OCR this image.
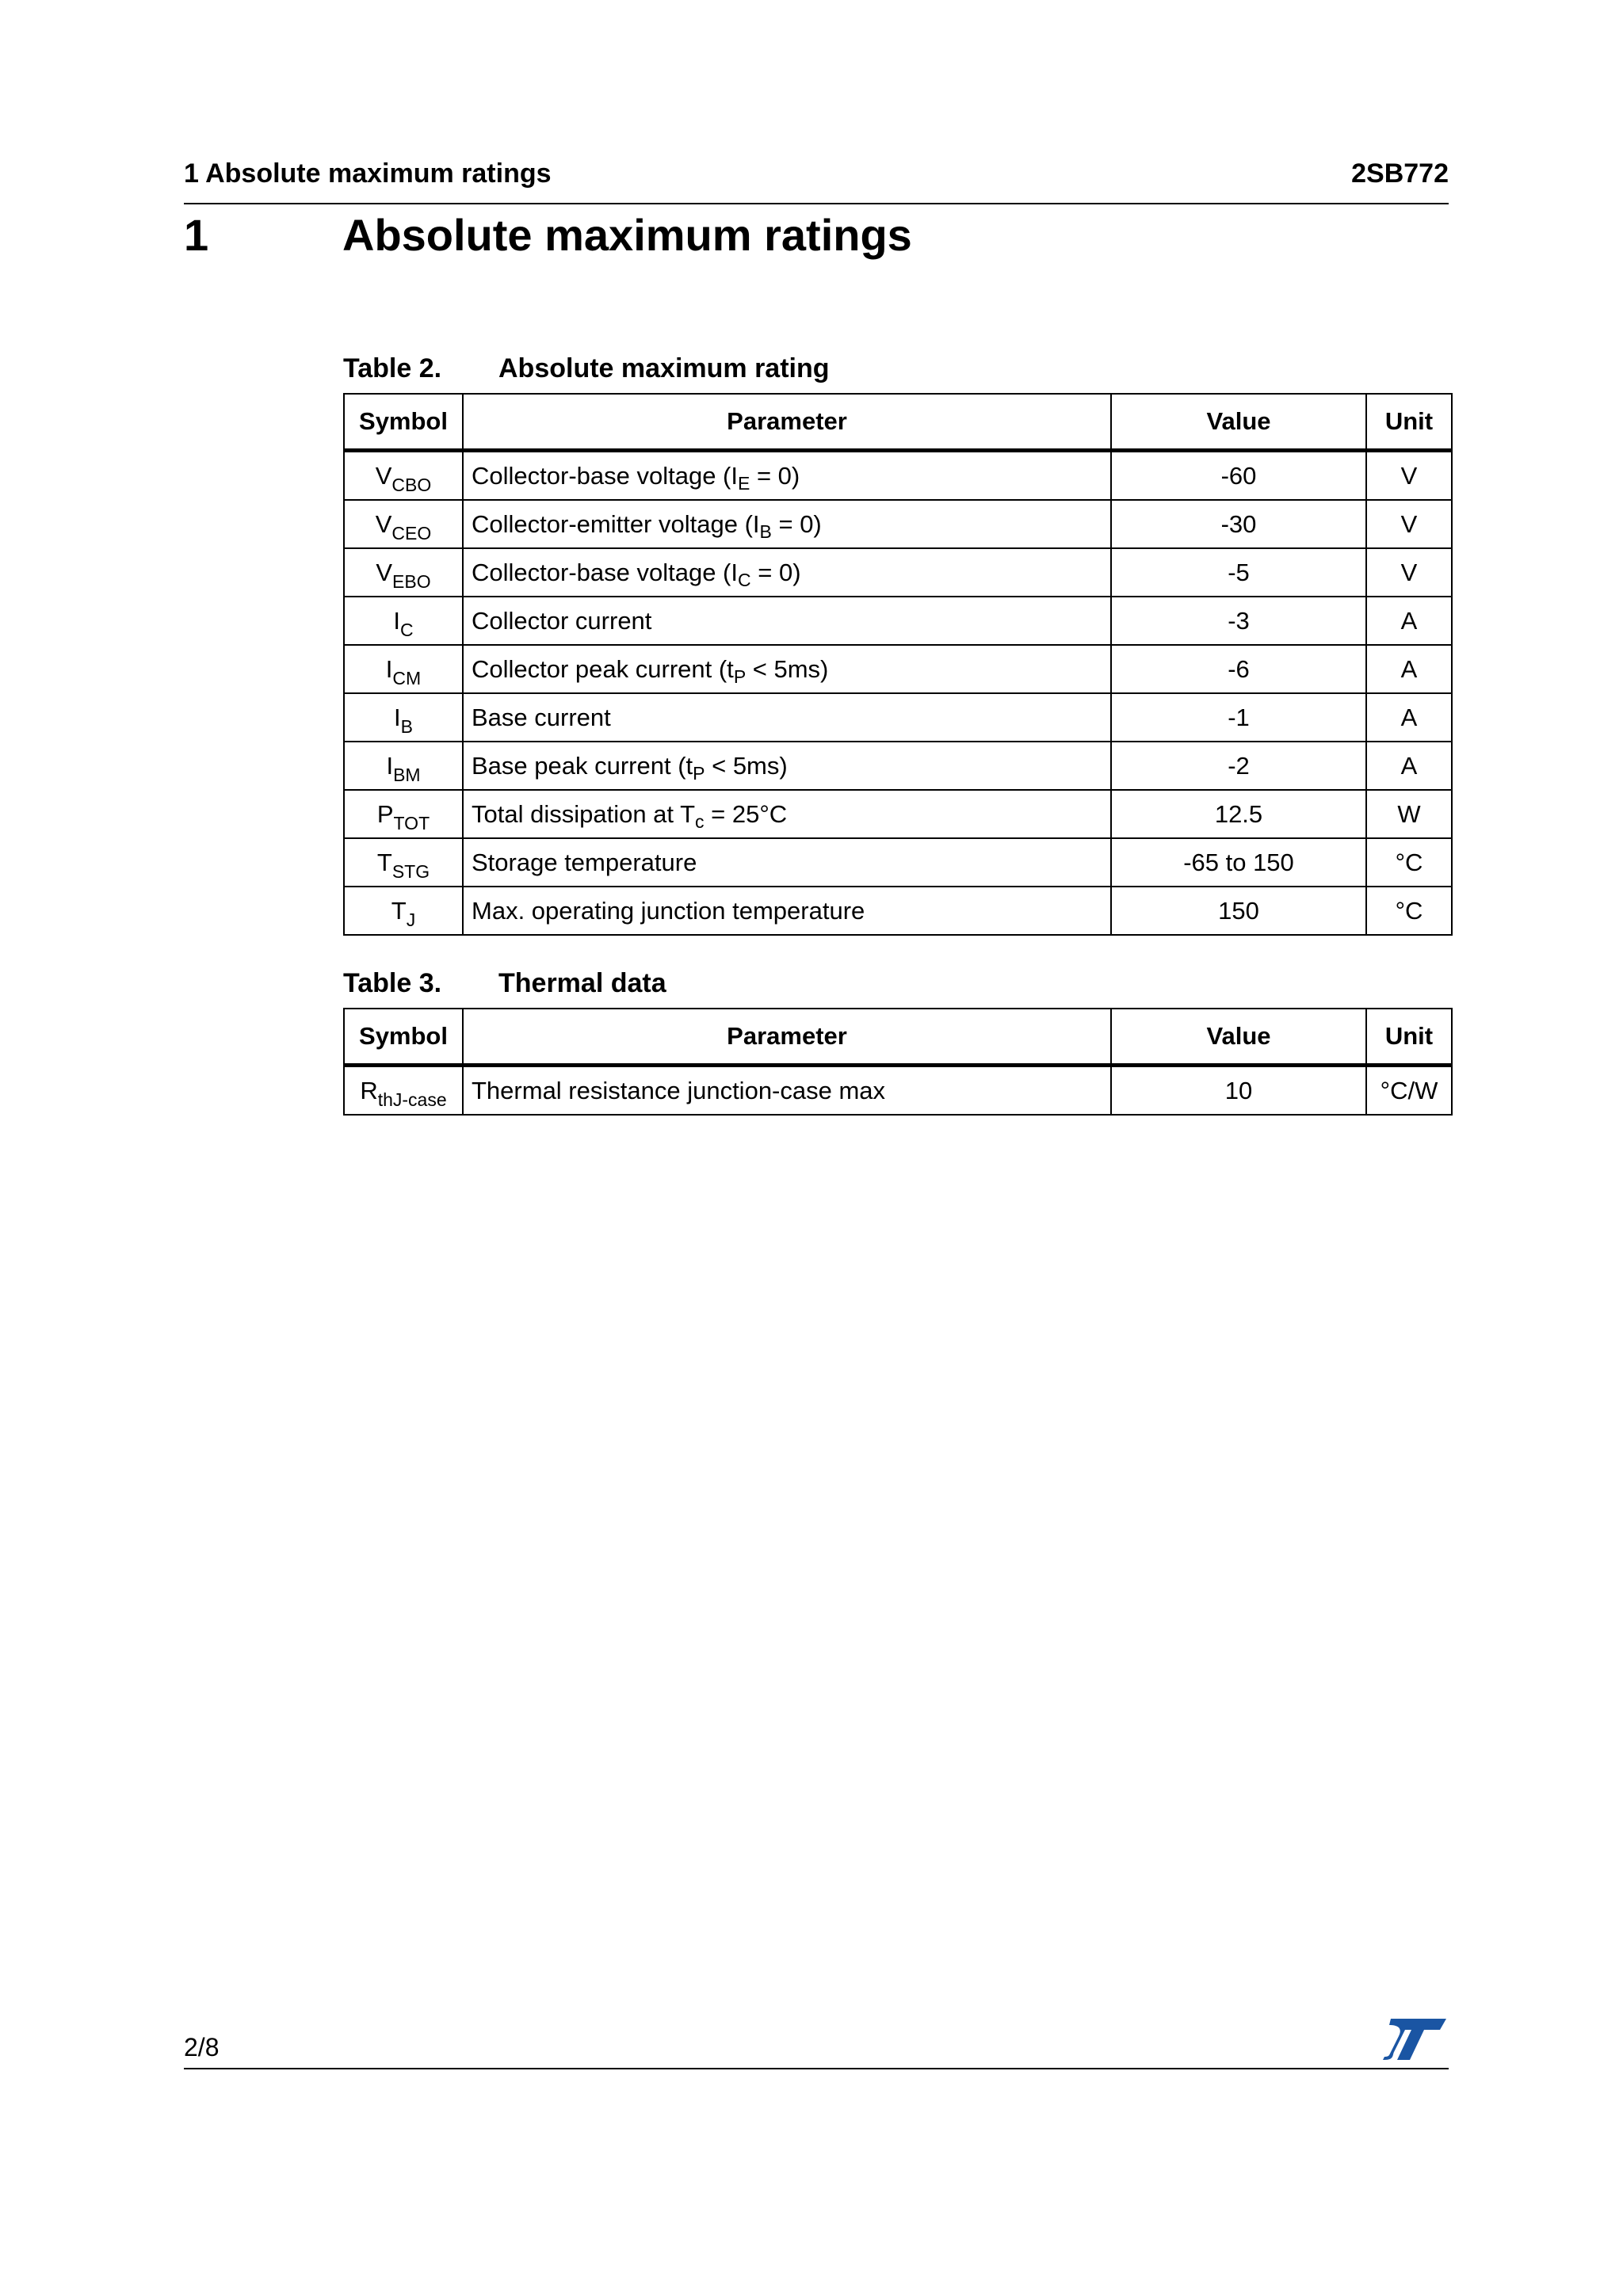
1 Absolute maximum ratings	2SB772
1	Absolute maximum ratings
Table 2.	Absolute maximum rating
Symbol	Parameter	Value	Unit
$V_{CBO}$	Collector-base voltage $(I_E = 0)$	-60	V
$V_{CEO}$	Collector-emitter voltage $(I_B = 0)$	-30	V
$V_{EBO}$	Collector-base voltage $(I_C = 0)$	-5	V
$I_C$	Collector current	-3	A
$I_{CM}$	Collector peak current $(t_P < 5ms)$	-6	A
$I_B$	Base current	-1	A
$I_{BM}$	Base peak current $(t_P < 5ms)$	-2	A
$P_{TOT}$	Total dissipation at $T_c = 25^\circ C$	12.5	W
$T_{STG}$	Storage temperature	-65 to 150	°C
$T_J$	Max. operating junction temperature	150	°C
Table 3.	Thermal data
Symbol	Parameter	Value	Unit
$R_{thJ-case}$	Thermal resistance junction-case max	10	°C/W
2/8
